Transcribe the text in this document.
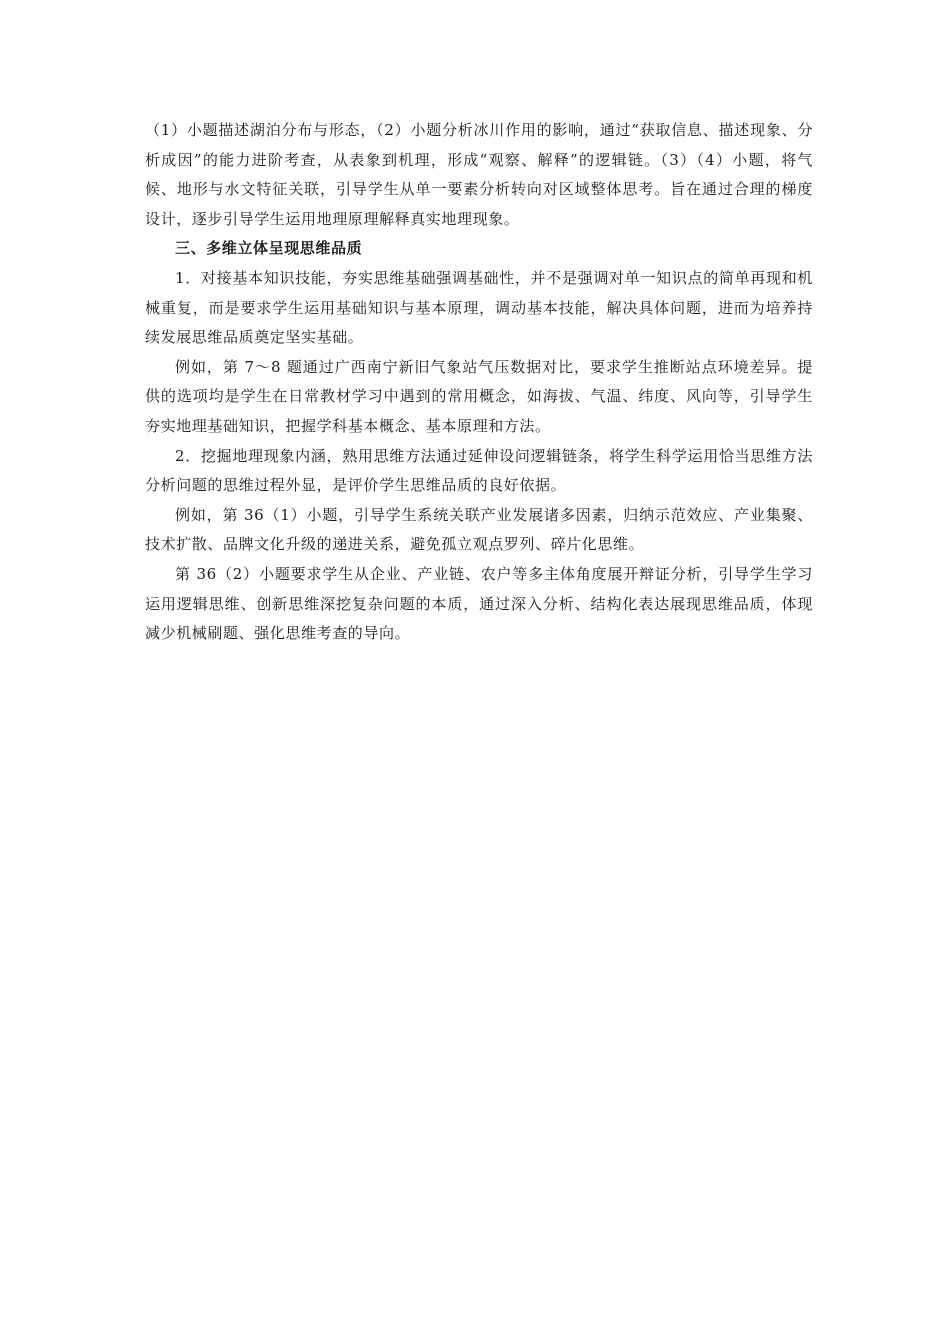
（1）小题描述湖泊分布与形态，（2）小题分析冰川作用的影响，通过“获取信息、描述现象、分析成因”的能力进阶考查，从表象到机理，形成“观察、解释”的逻辑链。（3）（4）小题，将气候、地形与水文特征关联，引导学生从单一要素分析转向对区域整体思考。旨在通过合理的梯度设计，逐步引导学生运用地理原理解释真实地理现象。

三、多维立体呈现思维品质

1．对接基本知识技能，夯实思维基础强调基础性，并不是强调对单一知识点的简单再现和机械重复，而是要求学生运用基础知识与基本原理，调动基本技能，解决具体问题，进而为培养持续发展思维品质奠定坚实基础。

例如，第 7～8 题通过广西南宁新旧气象站气压数据对比，要求学生推断站点环境差异。提供的选项均是学生在日常教材学习中遇到的常用概念，如海拔、气温、纬度、风向等，引导学生夯实地理基础知识，把握学科基本概念、基本原理和方法。

2．挖掘地理现象内涵，熟用思维方法通过延伸设问逻辑链条，将学生科学运用恰当思维方法分析问题的思维过程外显，是评价学生思维品质的良好依据。

例如，第 36（1）小题，引导学生系统关联产业发展诸多因素，归纳示范效应、产业集聚、技术扩散、品牌文化升级的递进关系，避免孤立观点罗列、碎片化思维。

第 36（2）小题要求学生从企业、产业链、农户等多主体角度展开辩证分析，引导学生学习运用逻辑思维、创新思维深挖复杂问题的本质，通过深入分析、结构化表达展现思维品质，体现减少机械刷题、强化思维考查的导向。
